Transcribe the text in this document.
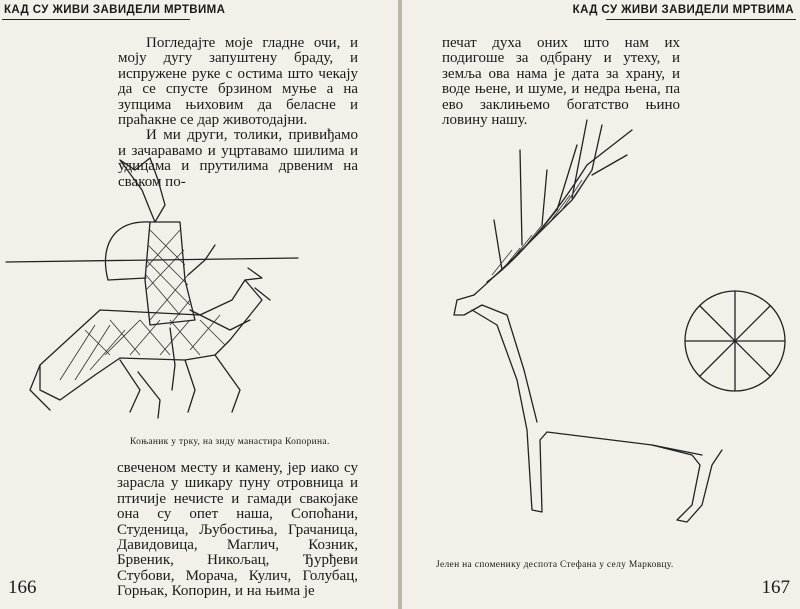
КАД СУ ЖИВИ ЗАВИДЕЛИ МРТВИМА

Погледајте моје гладне очи, и моју дугу запуштену браду, и испружене руке с остима што чекају да се спусте брзином муње а на зупцима њиховим да беласне и праћакне се дар животодајни.

И ми други, толики, привиђамо и зачаравамо и уцртавамо шилима и удицама и прутилима дрвеним на сваком по-

Коњаник у трку, на зиду манастира Копорина.

свеченом месту и камену, јер иако су зарасла у шикару пуну отровница и птичије нечисте и гамади свакојаке она су опет наша, Сопоћани, Студеница, Љубостиња, Грачаница, Давидовица, Маглич, Козник, Брвеник, Никољац, Ђурђеви Стубови, Морача, Кулич, Голубац, Горњак, Копорин, и на њима је

166
КАД СУ ЖИВИ ЗАВИДЕЛИ МРТВИМА

печат духа оних што нам их подигоше за одбрану и утеху, и земља ова нама је дата за храну, и воде њене, и шуме, и недра њена, па ево заклињемо богатство њино ловину нашу.

Јелен на споменику деспота Стефана у селу Марковцу.
167
